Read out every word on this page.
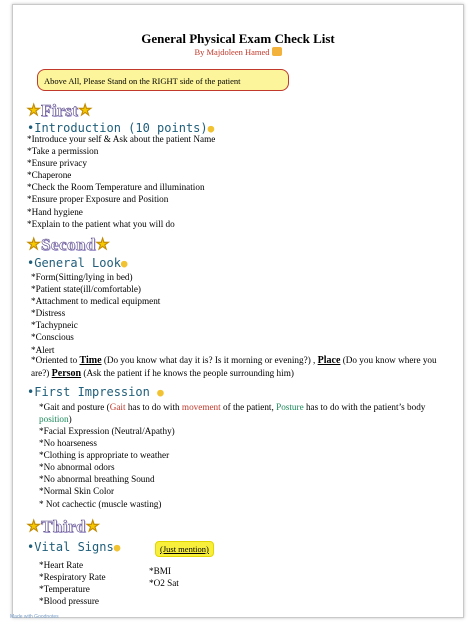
General Physical Exam Check List
By Majdoleen Hamed
Above All, Please Stand on the RIGHT side of the patient
★First★
•Introduction (10 points)●
*Introduce your self & Ask about the patient Name
*Take a permission
*Ensure privacy
*Chaperone
*Check the Room Temperature and illumination
*Ensure proper Exposure and Position
*Hand hygiene
*Explain to the patient what you will do
★Second★
•General Look●
*Form(Sitting/lying in bed)
*Patient state(ill/comfortable)
*Attachment to medical equipment
*Distress
*Tachypneic
*Conscious
*Alert
*Oriented to Time (Do you know what day it is? Is it morning or evening?) , Place (Do you know where you are?) Person (Ask the patient if he knows the people surrounding him)
•First Impression ●
*Gait and posture (Gait has to do with movement of the patient, Posture has to do with the patient’s body position)
*Facial Expression (Neutral/Apathy)
*No hoarseness
*Clothing is appropriate to weather
*No abnormal odors
*No abnormal breathing Sound
*Normal Skin Color
* Not cachectic (muscle wasting)
★Third★
•Vital Signs●	(Just mention)
*Heart Rate
*Respiratory Rate
*Temperature
*Blood pressure
*BMI
*O2 Sat
Made with Goodnotes
